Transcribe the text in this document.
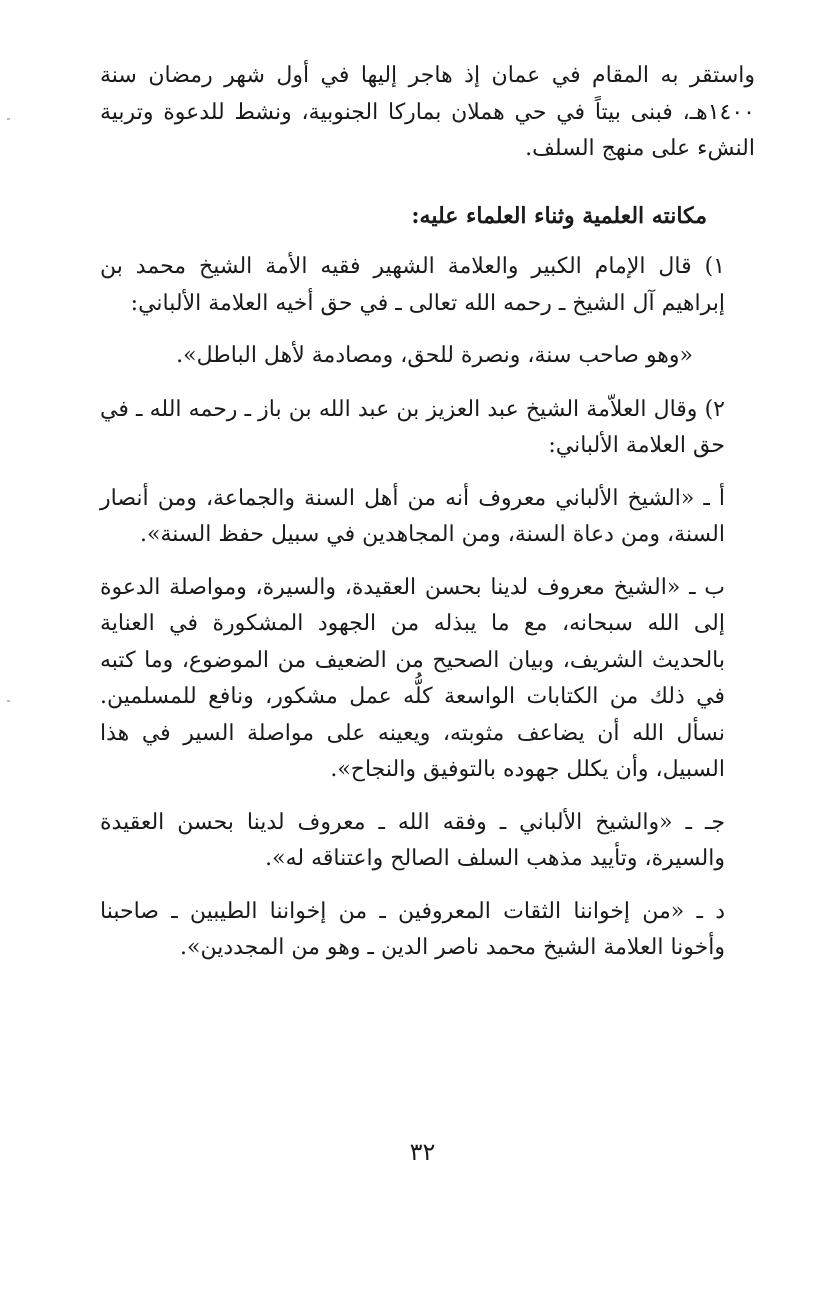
واستقر به المقام في عمان إذ هاجر إليها في أول شهر رمضان سنة ١٤٠٠هـ، فبنى بيتاً في حي هملان بماركا الجنوبية، ونشط للدعوة وتربية النشء على منهج السلف.

مكانته العلمية وثناء العلماء عليه:

١) قال الإمام الكبير والعلامة الشهير فقيه الأمة الشيخ محمد بن إبراهيم آل الشيخ ـ رحمه الله تعالى ـ في حق أخيه العلامة الألباني:

«وهو صاحب سنة، ونصرة للحق، ومصادمة لأهل الباطل».

٢) وقال العلاّمة الشيخ عبد العزيز بن عبد الله بن باز ـ رحمه الله ـ في حق العلامة الألباني:

أ ـ «الشيخ الألباني معروف أنه من أهل السنة والجماعة، ومن أنصار السنة، ومن دعاة السنة، ومن المجاهدين في سبيل حفظ السنة».

ب ـ «الشيخ معروف لدينا بحسن العقيدة، والسيرة، ومواصلة الدعوة إلى الله سبحانه، مع ما يبذله من الجهود المشكورة في العناية بالحديث الشريف، وبيان الصحيح من الضعيف من الموضوع، وما كتبه في ذلك من الكتابات الواسعة كلُّه عمل مشكور، ونافع للمسلمين. نسأل الله أن يضاعف مثوبته، ويعينه على مواصلة السير في هذا السبيل، وأن يكلل جهوده بالتوفيق والنجاح».

جـ ـ «والشيخ الألباني ـ وفقه الله ـ معروف لدينا بحسن العقيدة والسيرة، وتأييد مذهب السلف الصالح واعتناقه له».

د ـ «من إخواننا الثقات المعروفين ـ من إخواننا الطيبين ـ صاحبنا وأخونا العلامة الشيخ محمد ناصر الدين ـ وهو من المجددين».

٣٢
